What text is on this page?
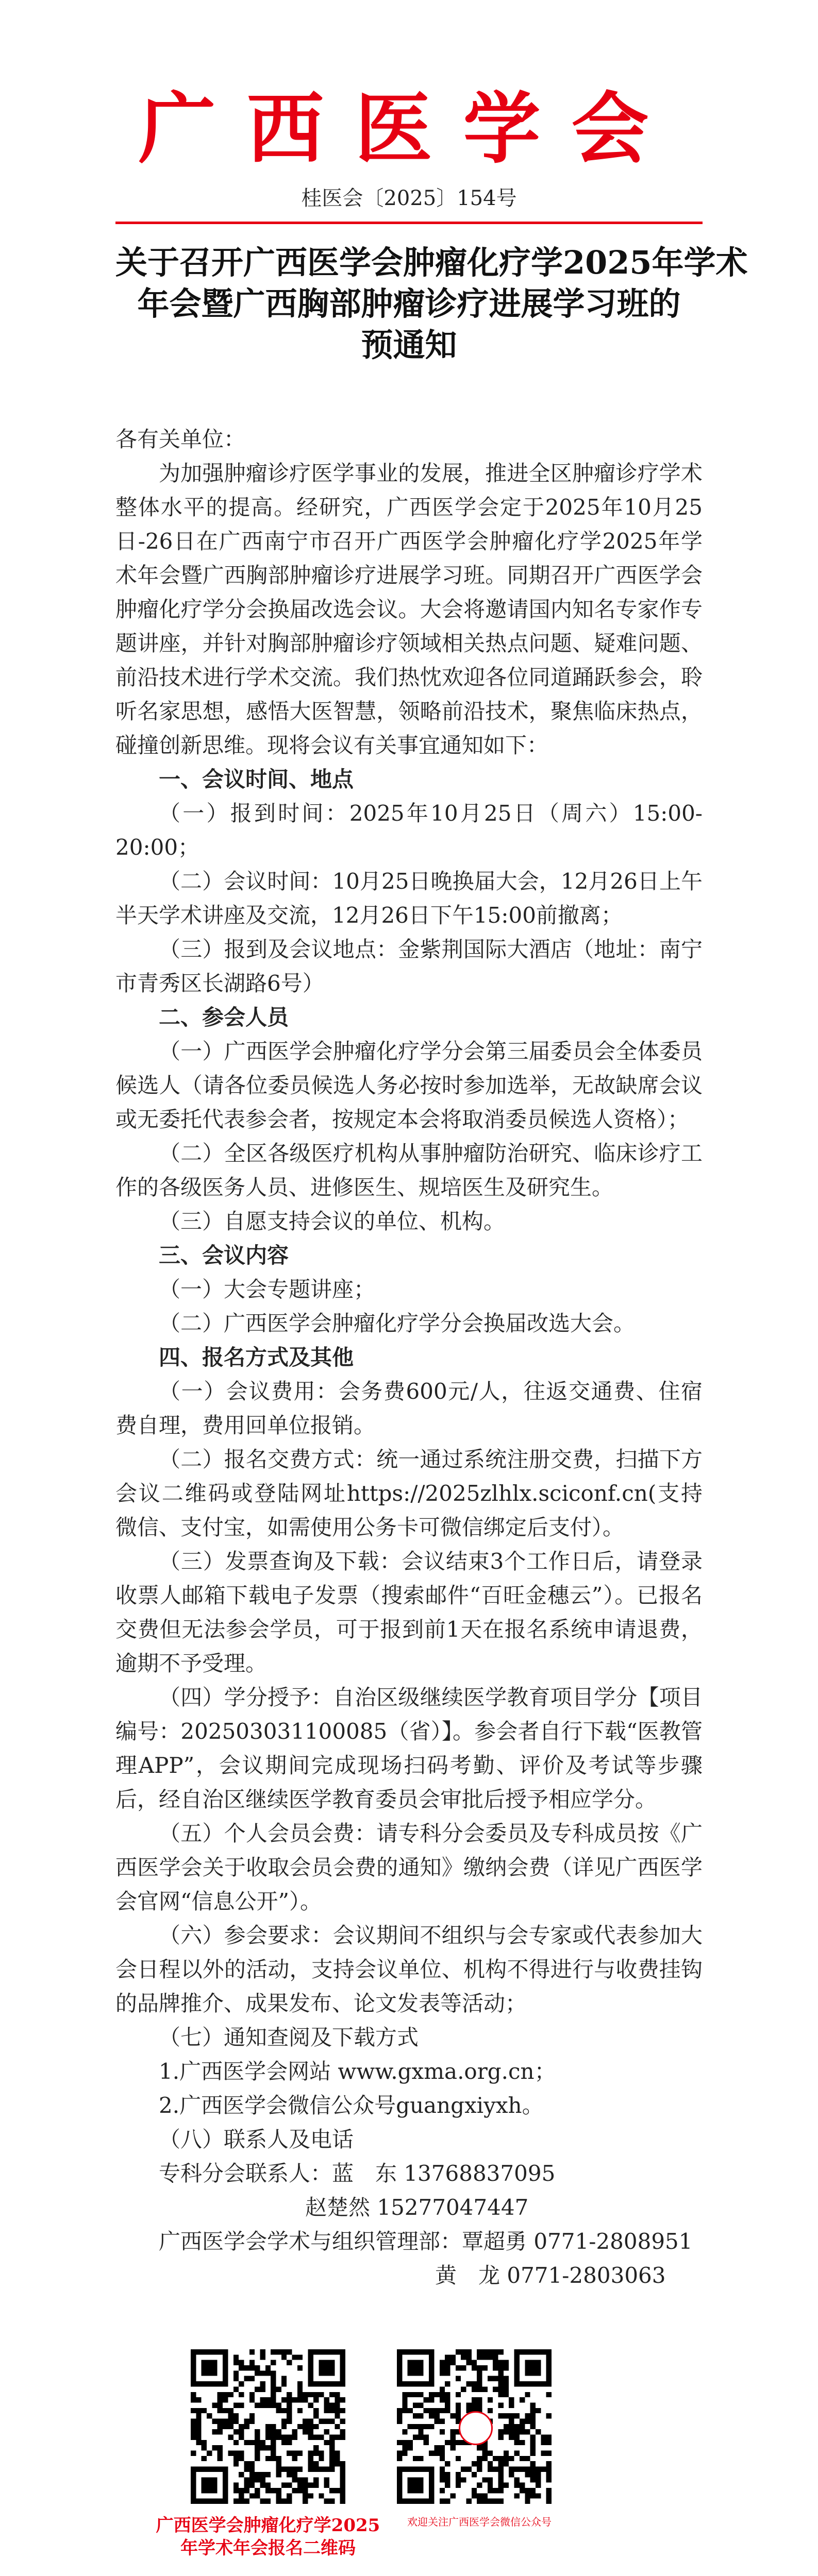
广西医学会
桂医会〔2025〕154号
关于召开广西医学会肿瘤化疗学2025年学术
年会暨广西胸部肿瘤诊疗进展学习班的
预通知

各有关单位：

为加强肿瘤诊疗医学事业的发展，推进全区肿瘤诊疗学术整体水平的提高。经研究，广西医学会定于2025年10月25日-26日在广西南宁市召开广西医学会肿瘤化疗学2025年学术年会暨广西胸部肿瘤诊疗进展学习班。同期召开广西医学会肿瘤化疗学分会换届改选会议。大会将邀请国内知名专家作专题讲座，并针对胸部肿瘤诊疗领域相关热点问题、疑难问题、前沿技术进行学术交流。我们热忱欢迎各位同道踊跃参会，聆听名家思想，感悟大医智慧，领略前沿技术，聚焦临床热点，碰撞创新思维。现将会议有关事宜通知如下：

一、会议时间、地点

（一）报到时间：2025年10月25日（周六）15:00-20:00；

（二）会议时间：10月25日晚换届大会，12月26日上午半天学术讲座及交流，12月26日下午15:00前撤离；

（三）报到及会议地点：金紫荆国际大酒店（地址：南宁市青秀区长湖路6号）

二、参会人员

（一）广西医学会肿瘤化疗学分会第三届委员会全体委员候选人（请各位委员候选人务必按时参加选举，无故缺席会议或无委托代表参会者，按规定本会将取消委员候选人资格）；

（二）全区各级医疗机构从事肿瘤防治研究、临床诊疗工作的各级医务人员、进修医生、规培医生及研究生。

（三）自愿支持会议的单位、机构。

三、会议内容

（一）大会专题讲座；

（二）广西医学会肿瘤化疗学分会换届改选大会。

四、报名方式及其他

（一）会议费用：会务费600元/人，往返交通费、住宿费自理，费用回单位报销。

（二）报名交费方式：统一通过系统注册交费，扫描下方会议二维码或登陆网址https://2025zlhlx.sciconf.cn(支持微信、支付宝，如需使用公务卡可微信绑定后支付）。

（三）发票查询及下载：会议结束3个工作日后，请登录收票人邮箱下载电子发票（搜索邮件“百旺金穗云”）。已报名交费但无法参会学员，可于报到前1天在报名系统申请退费，逾期不予受理。

（四）学分授予：自治区级继续医学教育项目学分【项目编号：202503031100085（省）】。参会者自行下载“医教管理APP”，会议期间完成现场扫码考勤、评价及考试等步骤后，经自治区继续医学教育委员会审批后授予相应学分。

（五）个人会员会费：请专科分会委员及专科成员按《广西医学会关于收取会员会费的通知》缴纳会费（详见广西医学会官网“信息公开”）。

（六）参会要求：会议期间不组织与会专家或代表参加大会日程以外的活动，支持会议单位、机构不得进行与收费挂钩的品牌推介、成果发布、论文发表等活动；

（七）通知查阅及下载方式

1.广西医学会网站 www.gxma.org.cn；

2.广西医学会微信公众号guangxiyxh。

（八）联系人及电话

专科分会联系人：蓝　东 13768837095

赵楚然 15277047447

广西医学会学术与组织管理部：覃超勇 0771-2808951

黄　龙 0771-2803063

广西医学会肿瘤化疗学2025
年学术年会报名二维码
欢迎关注广西医学会微信公众号
